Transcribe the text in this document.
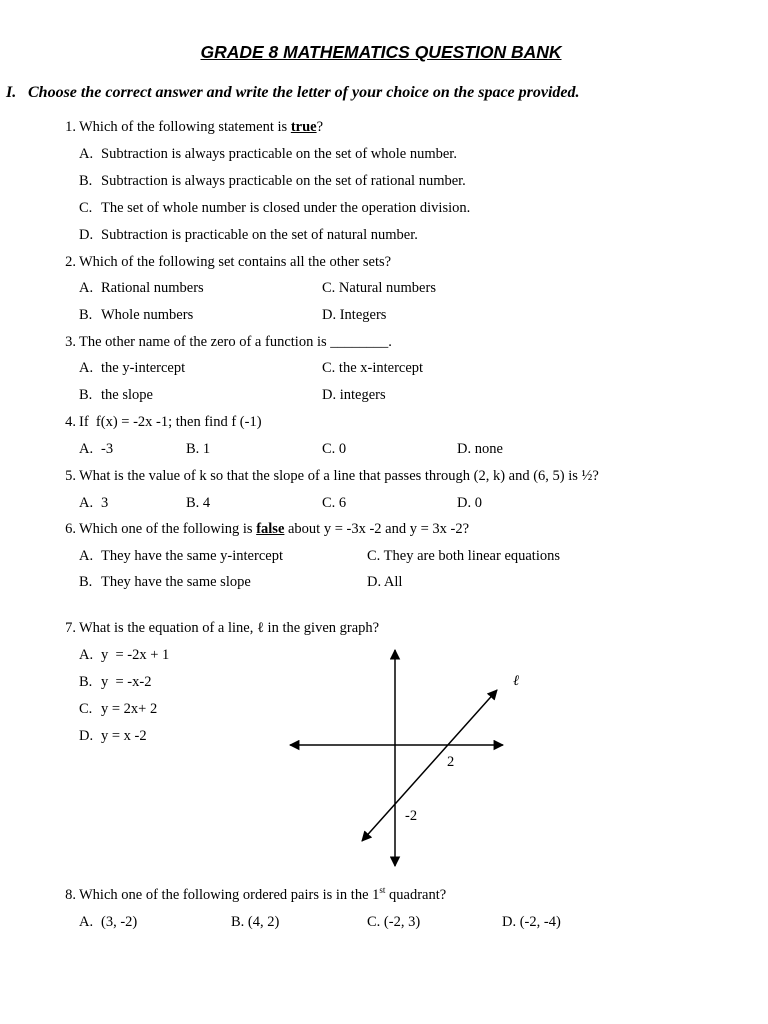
GRADE 8 MATHEMATICS QUESTION BANK
I. Choose the correct answer and write the letter of your choice on the space provided.
1. Which of the following statement is true?
A. Subtraction is always practicable on the set of whole number.
B. Subtraction is always practicable on the set of rational number.
C. The set of whole number is closed under the operation division.
D. Subtraction is practicable on the set of natural number.
2. Which of the following set contains all the other sets?
A. Rational numbers	C. Natural numbers
B. Whole numbers	D. Integers
3. The other name of the zero of a function is ________.
A. the y-intercept	C. the x-intercept
B. the slope	D. integers
4. If  f(x) = -2x -1; then find f (-1)
A. -3	B. 1	C. 0	D. none
5. What is the value of k so that the slope of a line that passes through (2, k) and (6, 5) is ½?
A. 3	B. 4	C. 6	D. 0
6. Which one of the following is false about y = -3x -2 and y = 3x -2?
A. They have the same y-intercept	C. They are both linear equations
B. They have the same slope	D. All
7. What is the equation of a line, ℓ in the given graph?
A. y  = -2x + 1
B. y  = -x-2
C. y = 2x+ 2
D. y = x -2
ℓ
2
-2
8. Which one of the following ordered pairs is in the 1st quadrant?
A. (3, -2)	B. (4, 2)	C. (-2, 3)	D. (-2, -4)
